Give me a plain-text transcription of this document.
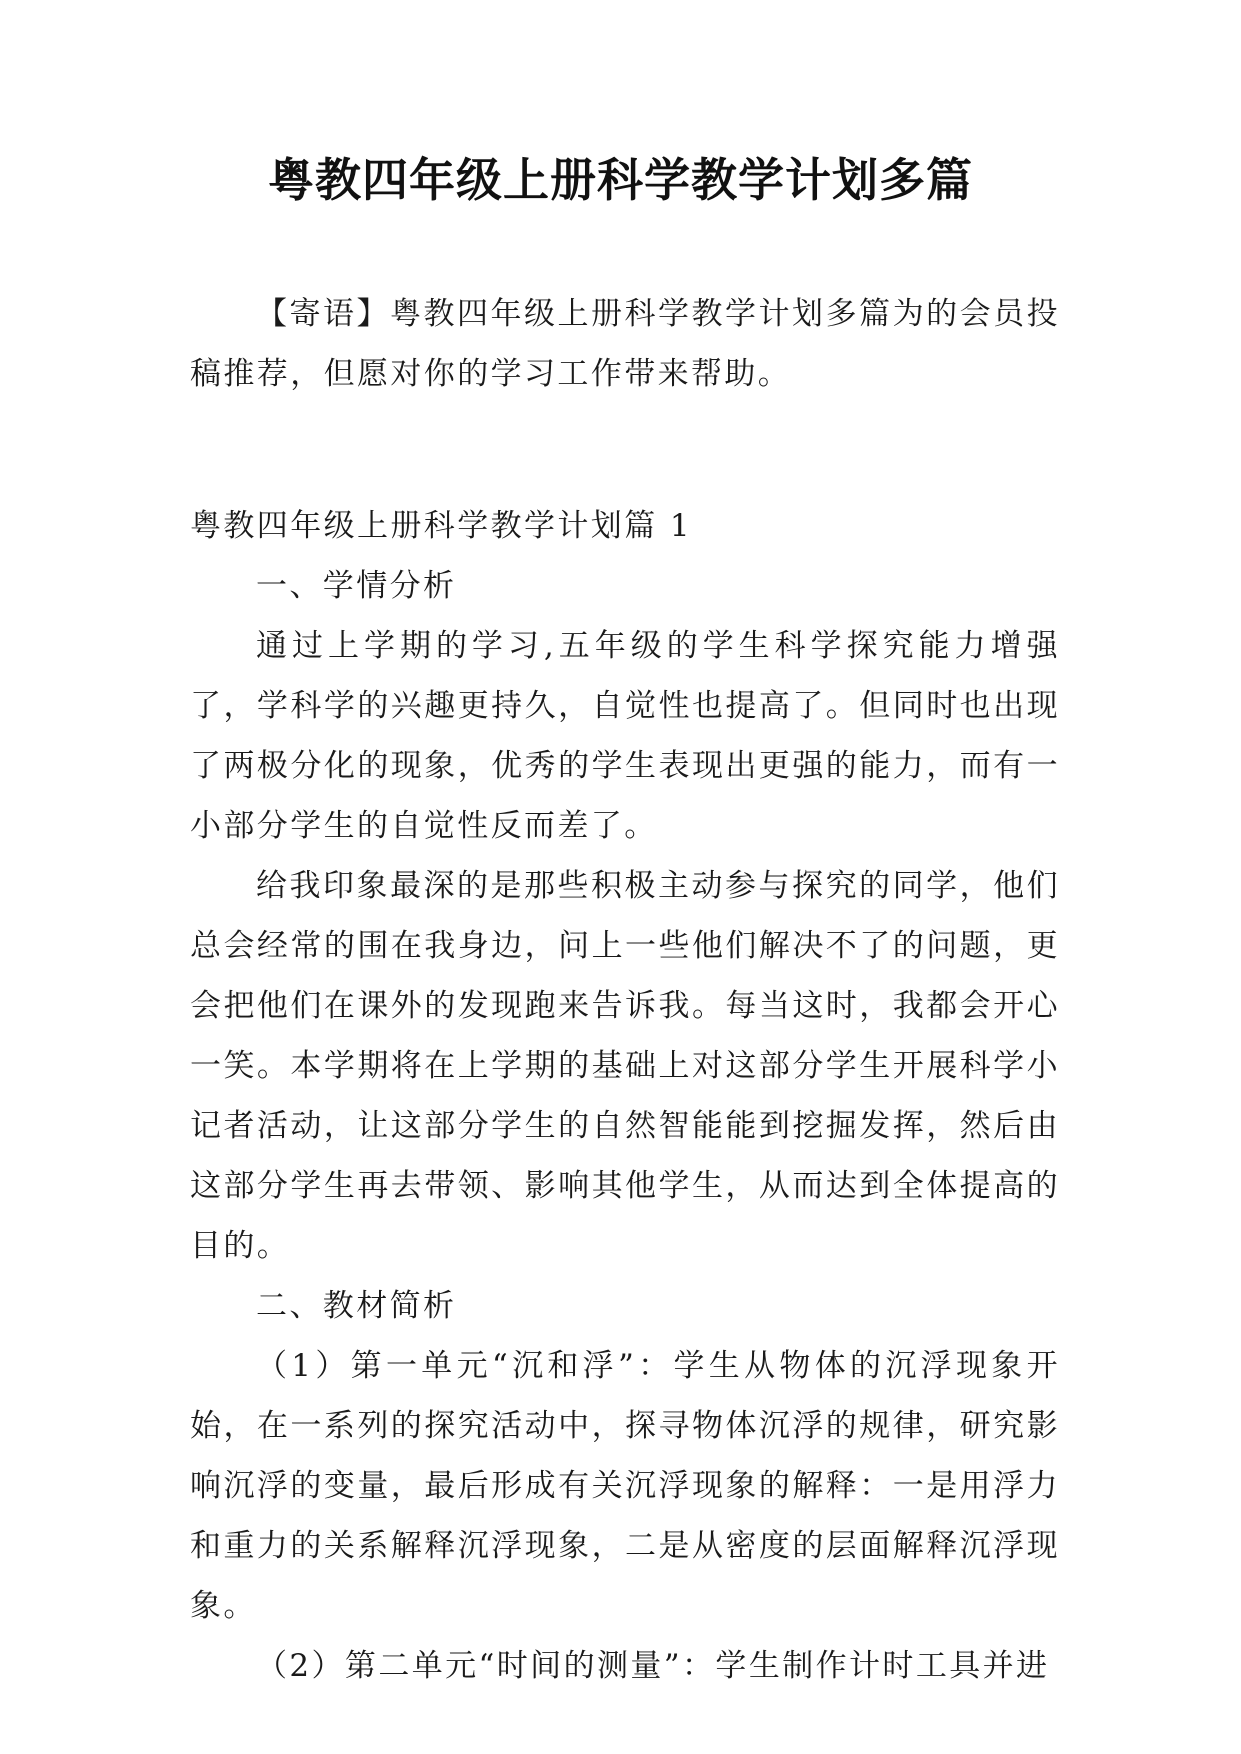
粤教四年级上册科学教学计划多篇

【寄语】粤教四年级上册科学教学计划多篇为的会员投稿推荐，但愿对你的学习工作带来帮助。

粤教四年级上册科学教学计划篇 1

一、学情分析

通过上学期的学习,五年级的学生科学探究能力增强了，学科学的兴趣更持久，自觉性也提高了。但同时也出现了两极分化的现象，优秀的学生表现出更强的能力，而有一小部分学生的自觉性反而差了。

给我印象最深的是那些积极主动参与探究的同学，他们总会经常的围在我身边，问上一些他们解决不了的问题，更会把他们在课外的发现跑来告诉我。每当这时，我都会开心一笑。本学期将在上学期的基础上对这部分学生开展科学小记者活动，让这部分学生的自然智能能到挖掘发挥，然后由这部分学生再去带领、影响其他学生，从而达到全体提高的目的。

二、教材简析

（1）第一单元“沉和浮”：学生从物体的沉浮现象开始，在一系列的探究活动中，探寻物体沉浮的规律，研究影响沉浮的变量，最后形成有关沉浮现象的解释：一是用浮力和重力的关系解释沉浮现象，二是从密度的层面解释沉浮现象。

（2）第二单元“时间的测量”：学生制作计时工具并进
